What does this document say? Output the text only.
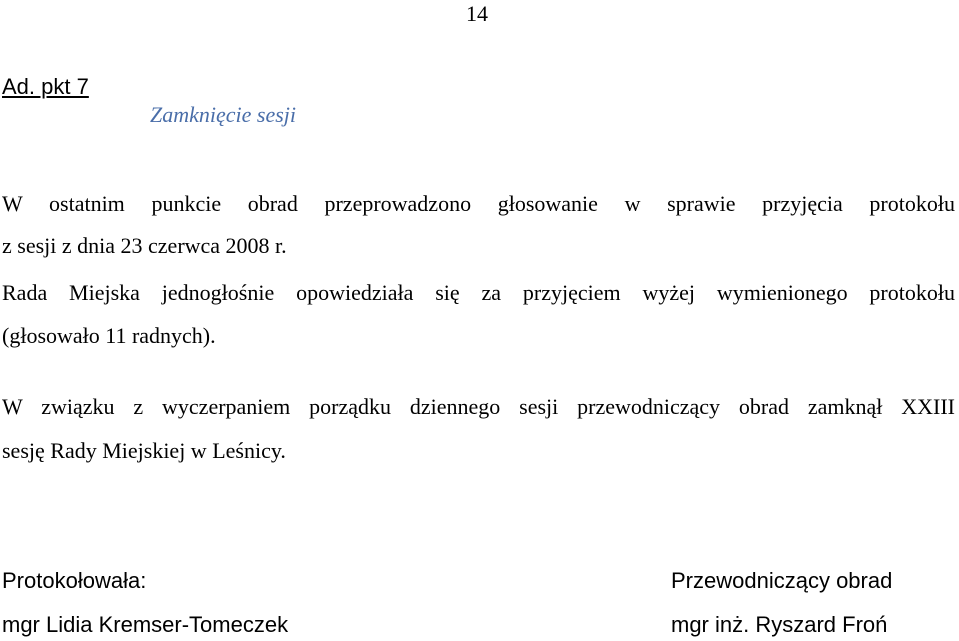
14
Ad. pkt 7
Zamknięcie sesji
W ostatnim punkcie obrad przeprowadzono głosowanie w sprawie przyjęcia protokołu
z sesji z dnia 23 czerwca 2008 r.
Rada Miejska jednogłośnie opowiedziała się za przyjęciem wyżej wymienionego protokołu
(głosowało 11 radnych).
W związku z wyczerpaniem porządku dziennego sesji przewodniczący obrad zamknął XXIII
sesję Rady Miejskiej w Leśnicy.
Protokołowała:
mgr Lidia Kremser-Tomeczek
Przewodniczący obrad
mgr inż. Ryszard Froń
